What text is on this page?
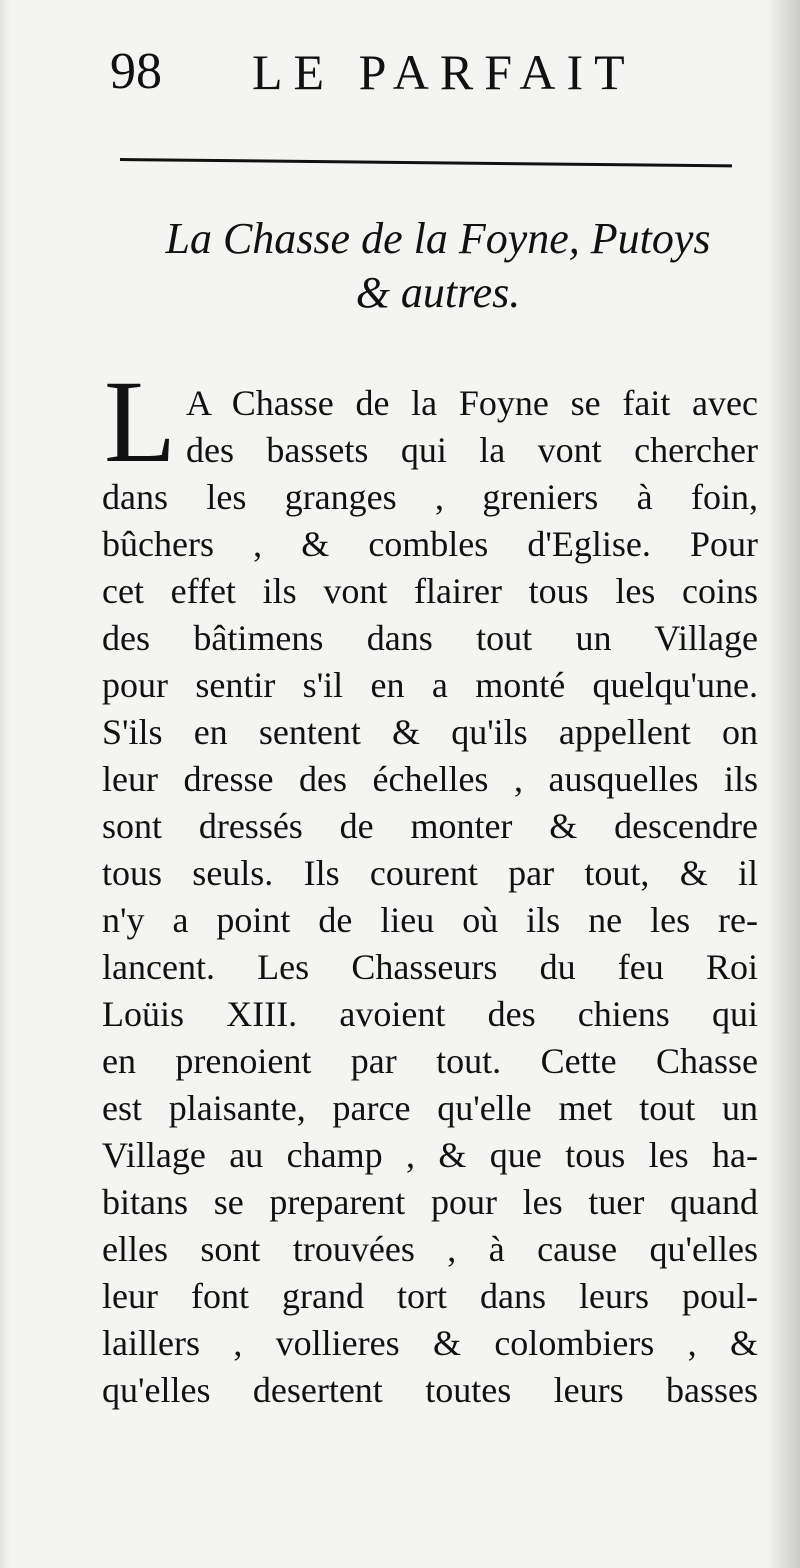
98 LE PARFAIT
La Chasse de la Foyne, Putoys
& autres.
L A Chasse de la Foyne se fait avec
des bassets qui la vont chercher
dans les granges , greniers à foin,
bûchers , & combles d'Eglise. Pour
cet effet ils vont flairer tous les coins
des bâtimens dans tout un Village
pour sentir s'il en a monté quelqu'une.
S'ils en sentent & qu'ils appellent on
leur dresse des échelles , ausquelles ils
sont dressés de monter & descendre
tous seuls. Ils courent par tout, & il
n'y a point de lieu où ils ne les re-
lancent. Les Chasseurs du feu Roi
Loüis XIII. avoient des chiens qui
en prenoient par tout. Cette Chasse
est plaisante, parce qu'elle met tout un
Village au champ , & que tous les ha-
bitans se preparent pour les tuer quand
elles sont trouvées , à cause qu'elles
leur font grand tort dans leurs poul-
laillers , vollieres & colombiers , &
qu'elles desertent toutes leurs basses
